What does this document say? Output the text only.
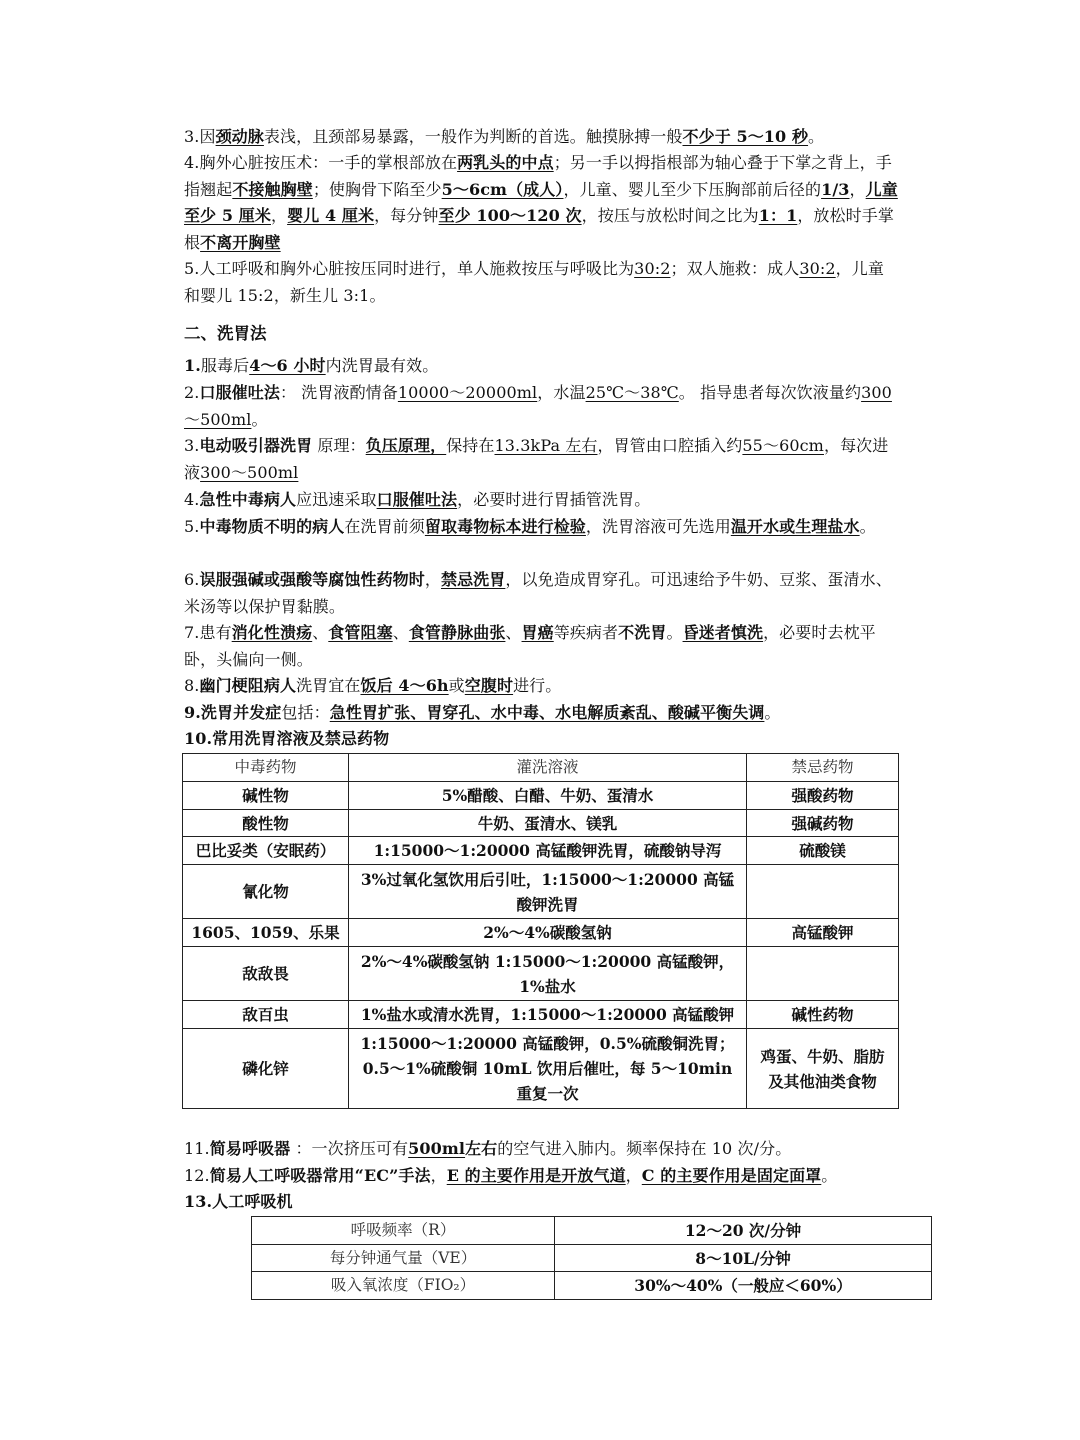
3.因颈动脉表浅，且颈部易暴露，一般作为判断的首选。触摸脉搏一般不少于 5～10 秒。
4.胸外心脏按压术：一手的掌根部放在两乳头的中点；另一手以拇指根部为轴心叠于下掌之背上，手指翘起不接触胸壁；使胸骨下陷至少5～6cm（成人），儿童、婴儿至少下压胸部前后径的1/3，儿童至少 5 厘米，婴儿 4 厘米，每分钟至少 100～120 次，按压与放松时间之比为1：1，放松时手掌根不离开胸壁
5.人工呼吸和胸外心脏按压同时进行，单人施救按压与呼吸比为30:2；双人施救：成人30:2，儿童和婴儿 15:2，新生儿 3:1。
二、洗胃法
1.服毒后4～6 小时内洗胃最有效。
2.口服催吐法： 洗胃液酌情备10000～20000ml，水温25℃～38℃。 指导患者每次饮液量约300～500ml。
3.电动吸引器洗胃 原理：负压原理，保持在13.3kPa 左右，胃管由口腔插入约55～60cm，每次进液300～500ml
4.急性中毒病人应迅速采取口服催吐法，必要时进行胃插管洗胃。
5.中毒物质不明的病人在洗胃前须留取毒物标本进行检验，洗胃溶液可先选用温开水或生理盐水。
6.误服强碱或强酸等腐蚀性药物时，禁忌洗胃，以免造成胃穿孔。可迅速给予牛奶、豆浆、蛋清水、米汤等以保护胃黏膜。
7.患有消化性溃疡、食管阻塞、食管静脉曲张、胃癌等疾病者不洗胃。昏迷者慎洗，必要时去枕平卧，头偏向一侧。
8.幽门梗阻病人洗胃宜在饭后 4～6h或空腹时进行。
9.洗胃并发症包括：急性胃扩张、胃穿孔、水中毒、水电解质紊乱、酸碱平衡失调。
10.常用洗胃溶液及禁忌药物
中毒药物	灌洗溶液	禁忌药物
碱性物	5%醋酸、白醋、牛奶、蛋清水	强酸药物
酸性物	牛奶、蛋清水、镁乳	强碱药物
巴比妥类（安眠药）	1:15000～1:20000 高锰酸钾洗胃，硫酸钠导泻	硫酸镁
氰化物	3%过氧化氢饮用后引吐，1:15000～1:20000 高锰酸钾洗胃	
1605、1059、乐果	2%～4%碳酸氢钠	高锰酸钾
敌敌畏	2%～4%碳酸氢钠 1:15000～1:20000 高锰酸钾，1%盐水	
敌百虫	1%盐水或清水洗胃，1:15000～1:20000 高锰酸钾	碱性药物
磷化锌	1:15000～1:20000 高锰酸钾，0.5%硫酸铜洗胃；0.5～1%硫酸铜 10mL 饮用后催吐，每 5～10min 重复一次	鸡蛋、牛奶、脂肪及其他油类食物
11.简易呼吸器 ：一次挤压可有500ml左右的空气进入肺内。频率保持在 10 次/分。
12.简易人工呼吸器常用“EC”手法，E 的主要作用是开放气道，C 的主要作用是固定面罩。
13.人工呼吸机
呼吸频率（R）	12～20 次/分钟
每分钟通气量（VE）	8～10L/分钟
吸入氧浓度（FIO₂）	30%～40%（一般应＜60%）
